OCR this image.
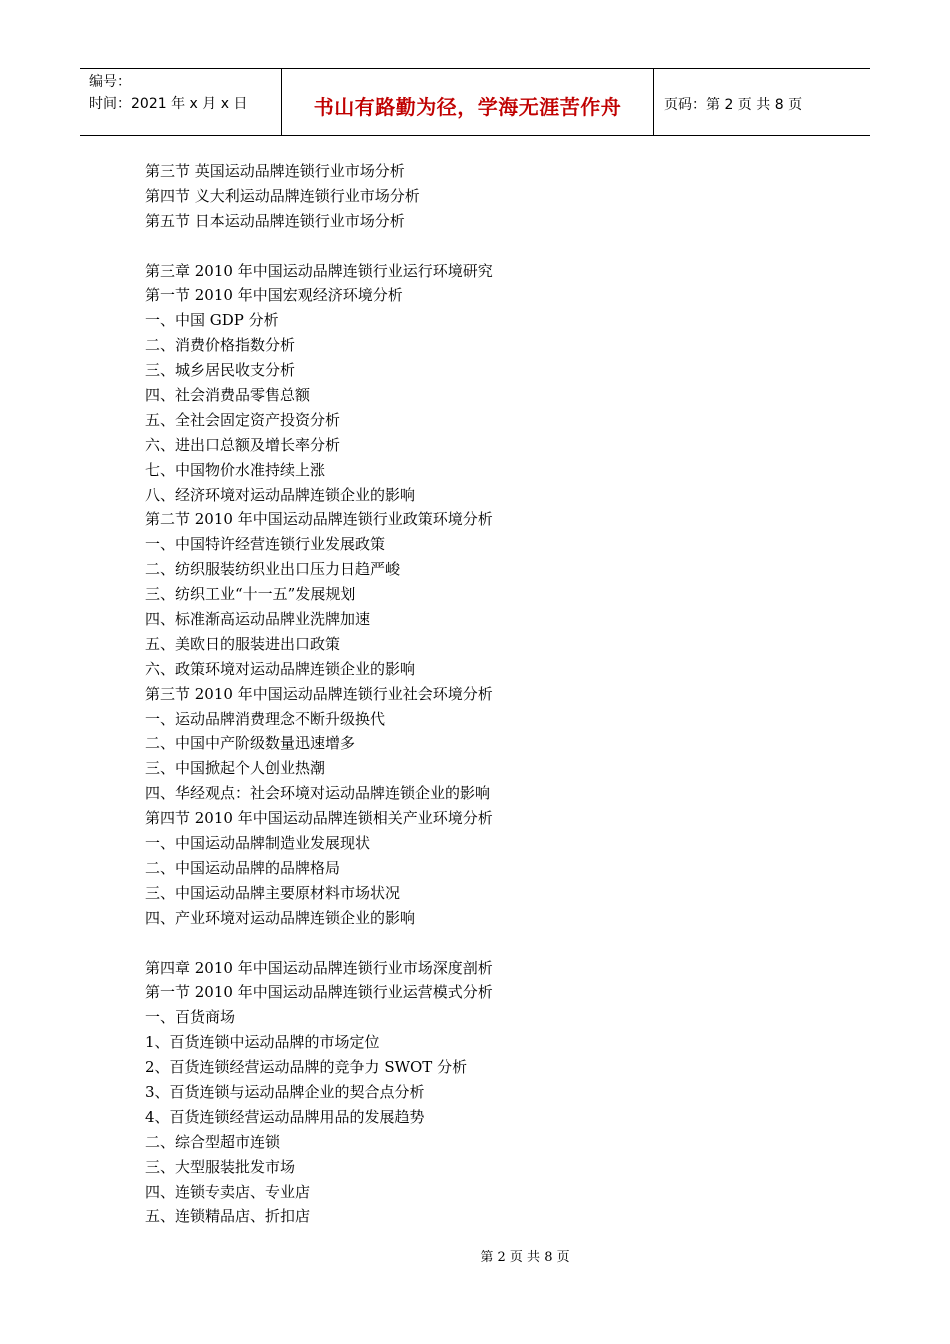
编号：
时间：2021 年 x 月 x 日	书山有路勤为径，学海无涯苦作舟	页码：第 2 页 共 8 页
第三节 英国运动品牌连锁行业市场分析
第四节 义大利运动品牌连锁行业市场分析
第五节 日本运动品牌连锁行业市场分析
第三章 2010 年中国运动品牌连锁行业运行环境研究
第一节 2010 年中国宏观经济环境分析
一、中国 GDP 分析
二、消费价格指数分析
三、城乡居民收支分析
四、社会消费品零售总额
五、全社会固定资产投资分析
六、进出口总额及增长率分析
七、中国物价水准持续上涨
八、经济环境对运动品牌连锁企业的影响
第二节 2010 年中国运动品牌连锁行业政策环境分析
一、中国特许经营连锁行业发展政策
二、纺织服装纺织业出口压力日趋严峻
三、纺织工业“十一五”发展规划
四、标准渐高运动品牌业洗牌加速
五、美欧日的服装进出口政策
六、政策环境对运动品牌连锁企业的影响
第三节 2010 年中国运动品牌连锁行业社会环境分析
一、运动品牌消费理念不断升级换代
二、中国中产阶级数量迅速增多
三、中国掀起个人创业热潮
四、华经观点：社会环境对运动品牌连锁企业的影响
第四节 2010 年中国运动品牌连锁相关产业环境分析
一、中国运动品牌制造业发展现状
二、中国运动品牌的品牌格局
三、中国运动品牌主要原材料市场状况
四、产业环境对运动品牌连锁企业的影响
第四章 2010 年中国运动品牌连锁行业市场深度剖析
第一节 2010 年中国运动品牌连锁行业运营模式分析
一、百货商场
1、百货连锁中运动品牌的市场定位
2、百货连锁经营运动品牌的竞争力 SWOT 分析
3、百货连锁与运动品牌企业的契合点分析
4、百货连锁经营运动品牌用品的发展趋势
二、综合型超市连锁
三、大型服装批发市场
四、连锁专卖店、专业店
五、连锁精品店、折扣店
第 2 页 共 8 页
